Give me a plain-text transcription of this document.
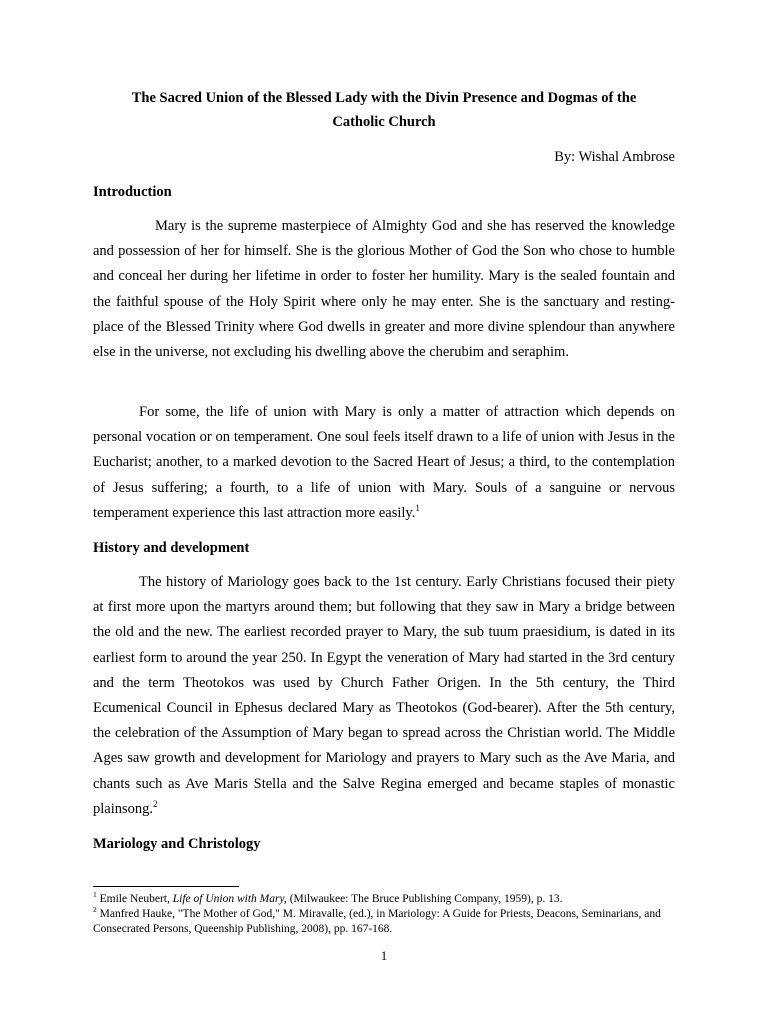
The Sacred Union of the Blessed Lady with the Divin Presence and Dogmas of the
Catholic Church
By: Wishal Ambrose
Introduction
Mary is the supreme masterpiece of Almighty God and she has reserved the knowledge and possession of her for himself. She is the glorious Mother of God the Son who chose to humble and conceal her during her lifetime in order to foster her humility. Mary is the sealed fountain and the faithful spouse of the Holy Spirit where only he may enter. She is the sanctuary and resting-place of the Blessed Trinity where God dwells in greater and more divine splendour than anywhere else in the universe, not excluding his dwelling above the cherubim and seraphim.
For some, the life of union with Mary is only a matter of attraction which depends on personal vocation or on temperament. One soul feels itself drawn to a life of union with Jesus in the Eucharist; another, to a marked devotion to the Sacred Heart of Jesus; a third, to the contemplation of Jesus suffering; a fourth, to a life of union with Mary. Souls of a sanguine or nervous temperament experience this last attraction more easily.$^1$
History and development
The history of Mariology goes back to the 1st century. Early Christians focused their piety at first more upon the martyrs around them; but following that they saw in Mary a bridge between the old and the new. The earliest recorded prayer to Mary, the sub tuum praesidium, is dated in its earliest form to around the year 250. In Egypt the veneration of Mary had started in the 3rd century and the term Theotokos was used by Church Father Origen. In the 5th century, the Third Ecumenical Council in Ephesus declared Mary as Theotokos (God-bearer). After the 5th century, the celebration of the Assumption of Mary began to spread across the Christian world. The Middle Ages saw growth and development for Mariology and prayers to Mary such as the Ave Maria, and chants such as Ave Maris Stella and the Salve Regina emerged and became staples of monastic plainsong.$^2$
Mariology and Christology

$^1$ Emile Neubert, Life of Union with Mary, (Milwaukee: The Bruce Publishing Company, 1959), p. 13.

$^2$ Manfred Hauke, "The Mother of God," M. Miravalle, (ed.), in Mariology: A Guide for Priests, Deacons, Seminarians, and Consecrated Persons, Queenship Publishing, 2008), pp. 167-168.

1
